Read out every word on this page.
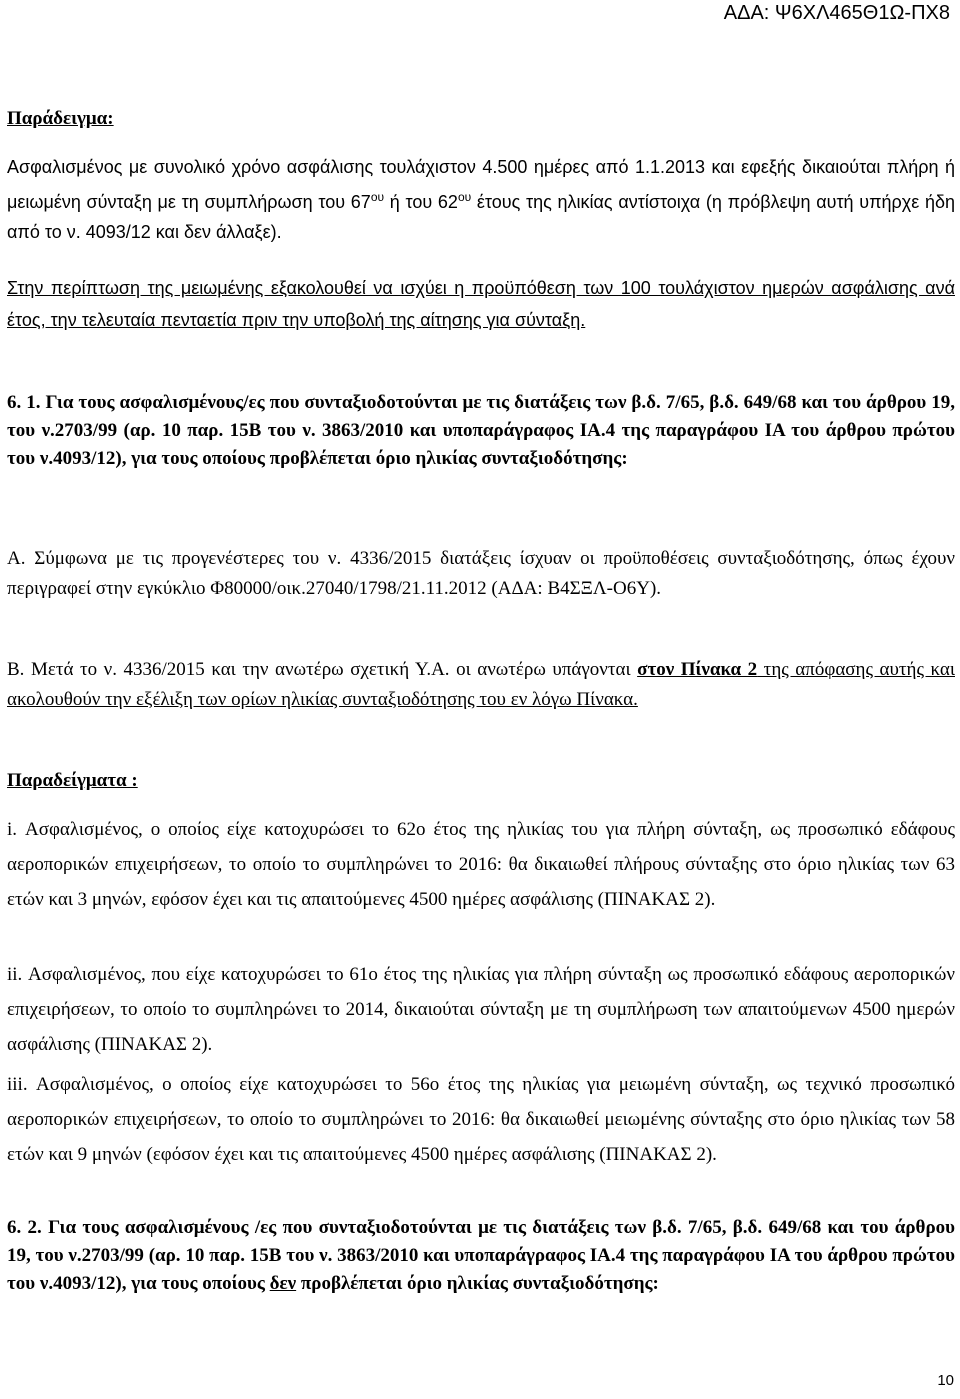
ΑΔΑ: Ψ6ΧΛ465Θ1Ω-ΠΧ8
Παράδειγμα:

Ασφαλισμένος με συνολικό χρόνο ασφάλισης τουλάχιστον 4.500 ημέρες από 1.1.2013 και εφεξής δικαιούται πλήρη ή μειωμένη σύνταξη με τη συμπλήρωση του $67^{o\upsilon}$ ή του $62^{o\upsilon}$ έτους της ηλικίας αντίστοιχα (η πρόβλεψη αυτή υπήρχε ήδη από το ν. 4093/12 και δεν άλλαξε).

Στην περίπτωση της μειωμένης εξακολουθεί να ισχύει η προϋπόθεση των 100 τουλάχιστον ημερών ασφάλισης ανά έτος, την τελευταία πενταετία πριν την υποβολή της αίτησης για σύνταξη.

6. 1. Για τους ασφαλισμένους/ες που συνταξιοδοτούνται με τις διατάξεις των β.δ. 7/65, β.δ. 649/68 και του άρθρου 19, του ν.2703/99 (αρ. 10 παρ. 15Β του ν. 3863/2010 και υποπαράγραφος ΙΑ.4 της παραγράφου ΙΑ του άρθρου πρώτου του ν.4093/12), για τους οποίους προβλέπεται όριο ηλικίας συνταξιοδότησης:

Α. Σύμφωνα με τις προγενέστερες του ν. 4336/2015 διατάξεις ίσχυαν οι προϋποθέσεις συνταξιοδότησης, όπως έχουν περιγραφεί στην εγκύκλιο Φ80000/οικ.27040/1798/21.11.2012 (ΑΔΑ: Β4ΣΞΛ-Ο6Υ).

Β. Μετά το ν. 4336/2015 και την ανωτέρω σχετική Υ.Α. οι ανωτέρω υπάγονται στον Πίνακα 2 της απόφασης αυτής και ακολουθούν την εξέλιξη των ορίων ηλικίας συνταξιοδότησης του εν λόγω Πίνακα.

Παραδείγματα :

i. Ασφαλισμένος, ο οποίος είχε κατοχυρώσει το 62ο έτος της ηλικίας του για πλήρη σύνταξη, ως προσωπικό εδάφους αεροπορικών επιχειρήσεων, το οποίο το συμπληρώνει το 2016: θα δικαιωθεί πλήρους σύνταξης στο όριο ηλικίας των 63 ετών και 3 μηνών, εφόσον έχει και τις απαιτούμενες 4500 ημέρες ασφάλισης (ΠΙΝΑΚΑΣ 2).

ii. Ασφαλισμένος, που είχε κατοχυρώσει το 61ο έτος της ηλικίας για πλήρη σύνταξη ως προσωπικό εδάφους αεροπορικών επιχειρήσεων, το οποίο το συμπληρώνει το 2014, δικαιούται σύνταξη με τη συμπλήρωση των απαιτούμενων 4500 ημερών ασφάλισης (ΠΙΝΑΚΑΣ 2).

iii. Ασφαλισμένος, ο οποίος είχε κατοχυρώσει το 56ο έτος της ηλικίας για μειωμένη σύνταξη, ως τεχνικό προσωπικό αεροπορικών επιχειρήσεων, το οποίο το συμπληρώνει το 2016: θα δικαιωθεί μειωμένης σύνταξης στο όριο ηλικίας των 58 ετών και 9 μηνών (εφόσον έχει και τις απαιτούμενες 4500 ημέρες ασφάλισης (ΠΙΝΑΚΑΣ 2).

6. 2. Για τους ασφαλισμένους /ες που συνταξιοδοτούνται με τις διατάξεις των β.δ. 7/65, β.δ. 649/68 και του άρθρου 19, του ν.2703/99 (αρ. 10 παρ. 15Β του ν. 3863/2010 και υποπαράγραφος ΙΑ.4 της παραγράφου ΙΑ του άρθρου πρώτου του ν.4093/12), για τους οποίους δεν προβλέπεται όριο ηλικίας συνταξιοδότησης:

10
